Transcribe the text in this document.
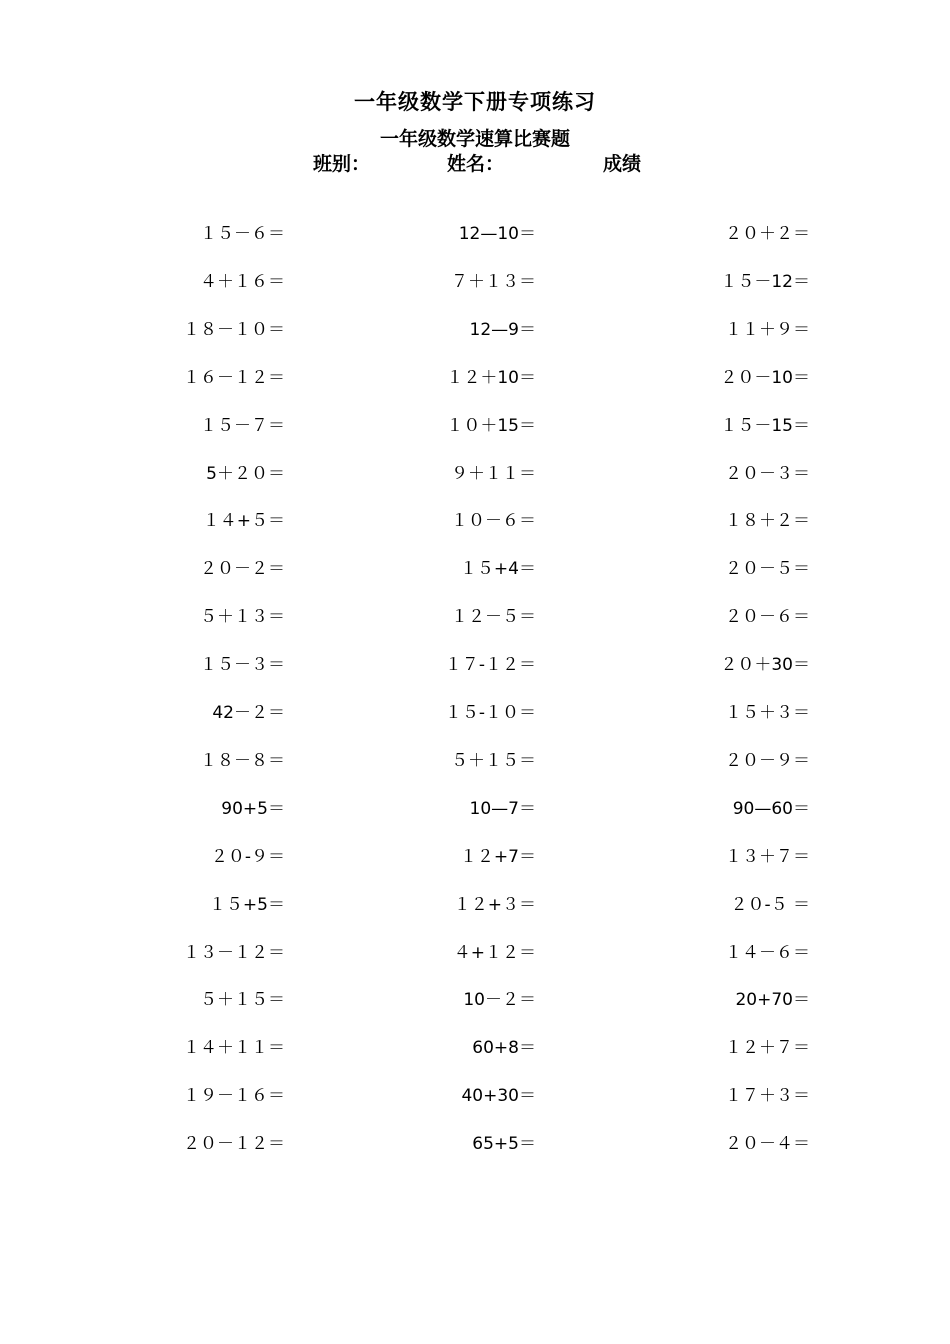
一年级数学下册专项练习
一年级数学速算比赛题
班别：	姓名：	成绩
１５－６＝	12—10＝	２０＋２＝
４＋１６＝	７＋１３＝	１５－12＝
１８－１０＝	12—9＝	１１＋９＝
１６－１２＝	１２＋10＝	２０－10＝
１５－７＝	１０＋15＝	１５－15＝
5＋２０＝	９＋１１＝	２０－３＝
１４+５＝	１０－６＝	１８＋２＝
２０－２＝	１５+4＝	２０－５＝
５＋１３＝	１２－５＝	２０－６＝
１５－３＝	１７-１２＝	２０＋30＝
42－２＝	１５-１０＝	１５＋３＝
１８－８＝	５＋１５＝	２０－９＝
90+5＝	10—7＝	90—60＝
２０-９＝	１２+7＝	１３＋７＝
１５+5＝	１２+３＝	２０-５ ＝
１３－１２＝	４+１２＝	１４－６＝
５＋１５＝	10－２＝	20+70＝
１４＋１１＝	60+8＝	１２＋７＝
１９－１６＝	40+30＝	１７＋３＝
２０－１２＝	65+5＝	２０－４＝
